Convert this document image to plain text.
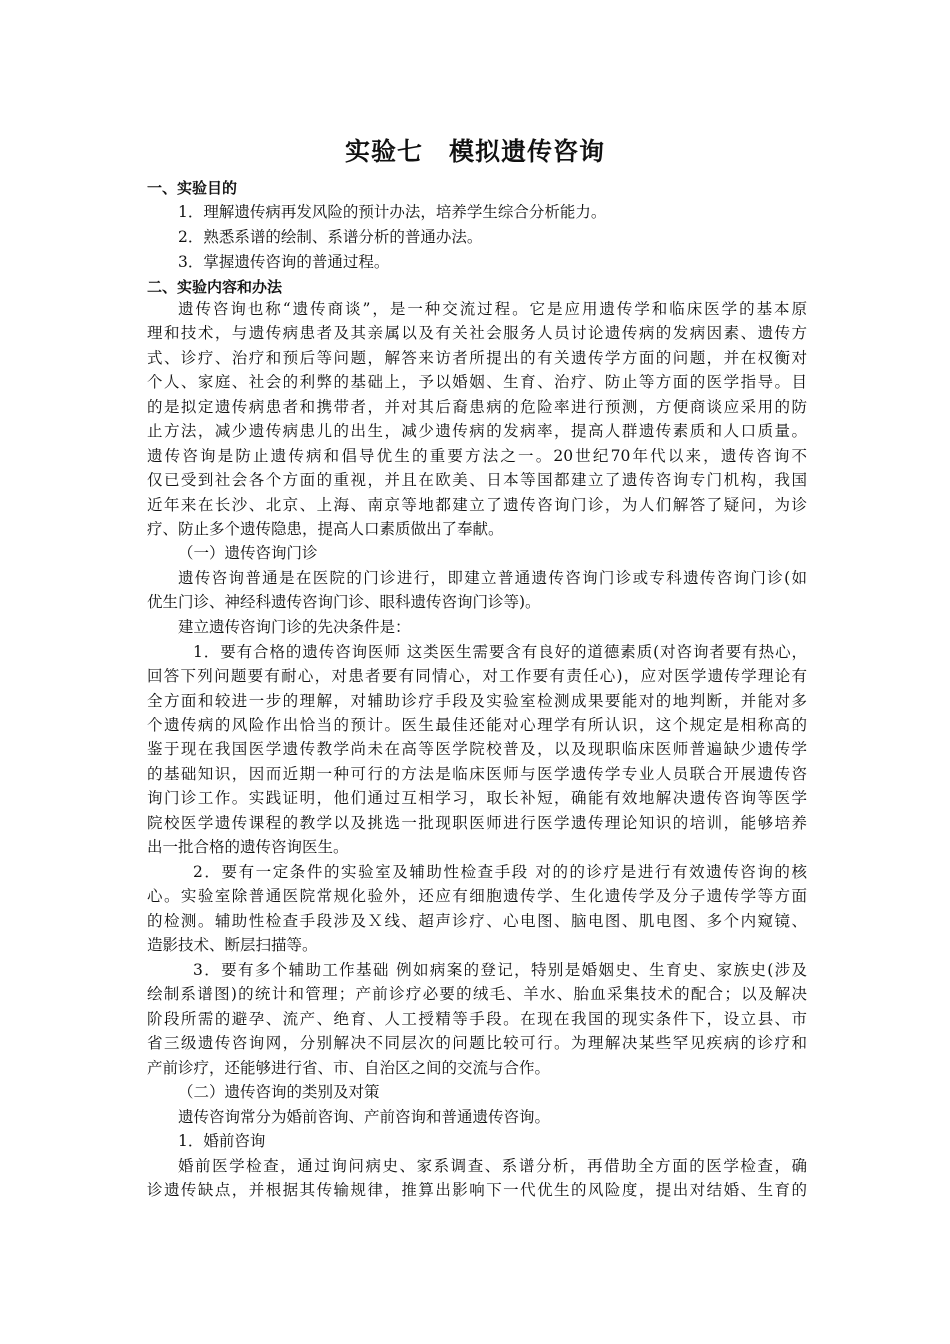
实验七　模拟遗传咨询
一、实验目的
1．理解遗传病再发风险的预计办法，培养学生综合分析能力。
2．熟悉系谱的绘制、系谱分析的普通办法。
3．掌握遗传咨询的普通过程。
二、实验内容和办法
遗传咨询也称“遗传商谈”，是一种交流过程。它是应用遗传学和临床医学的基本原
理和技术，与遗传病患者及其亲属以及有关社会服务人员讨论遗传病的发病因素、遗传方
式、诊疗、治疗和预后等问题，解答来访者所提出的有关遗传学方面的问题，并在权衡对
个人、家庭、社会的利弊的基础上，予以婚姻、生育、治疗、防止等方面的医学指导。目
的是拟定遗传病患者和携带者，并对其后裔患病的危险率进行预测，方便商谈应采用的防
止方法，减少遗传病患儿的出生，减少遗传病的发病率，提高人群遗传素质和人口质量。
遗传咨询是防止遗传病和倡导优生的重要方法之一。20世纪70年代以来，遗传咨询不
仅已受到社会各个方面的重视，并且在欧美、日本等国都建立了遗传咨询专门机构，我国
近年来在长沙、北京、上海、南京等地都建立了遗传咨询门诊，为人们解答了疑问，为诊
疗、防止多个遗传隐患，提高人口素质做出了奉献。
（一）遗传咨询门诊
遗传咨询普通是在医院的门诊进行，即建立普通遗传咨询门诊或专科遗传咨询门诊(如
优生门诊、神经科遗传咨询门诊、眼科遗传咨询门诊等)。
建立遗传咨询门诊的先决条件是：
1．要有合格的遗传咨询医师 这类医生需要含有良好的道德素质(对咨询者要有热心，
回答下列问题要有耐心，对患者要有同情心，对工作要有责任心)，应对医学遗传学理论有
全方面和较进一步的理解，对辅助诊疗手段及实验室检测成果要能对的地判断，并能对多
个遗传病的风险作出恰当的预计。医生最佳还能对心理学有所认识，这个规定是相称高的
鉴于现在我国医学遗传教学尚未在高等医学院校普及，以及现职临床医师普遍缺少遗传学
的基础知识，因而近期一种可行的方法是临床医师与医学遗传学专业人员联合开展遗传咨
询门诊工作。实践证明，他们通过互相学习，取长补短，确能有效地解决遗传咨询等医学
院校医学遗传课程的教学以及挑选一批现职医师进行医学遗传理论知识的培训，能够培养
出一批合格的遗传咨询医生。
2．要有一定条件的实验室及辅助性检查手段 对的的诊疗是进行有效遗传咨询的核
心。实验室除普通医院常规化验外，还应有细胞遗传学、生化遗传学及分子遗传学等方面
的检测。辅助性检查手段涉及Ｘ线、超声诊疗、心电图、脑电图、肌电图、多个内窥镜、
造影技术、断层扫描等。
3．要有多个辅助工作基础 例如病案的登记，特别是婚姻史、生育史、家族史(涉及
绘制系谱图)的统计和管理；产前诊疗必要的绒毛、羊水、胎血采集技术的配合；以及解决
阶段所需的避孕、流产、绝育、人工授精等手段。在现在我国的现实条件下，设立县、市
省三级遗传咨询网，分别解决不同层次的问题比较可行。为理解决某些罕见疾病的诊疗和
产前诊疗，还能够进行省、市、自治区之间的交流与合作。
（二）遗传咨询的类别及对策
遗传咨询常分为婚前咨询、产前咨询和普通遗传咨询。
1．婚前咨询
婚前医学检查，通过询问病史、家系调查、系谱分析，再借助全方面的医学检查，确
诊遗传缺点，并根据其传输规律，推算出影响下一代优生的风险度，提出对结婚、生育的
